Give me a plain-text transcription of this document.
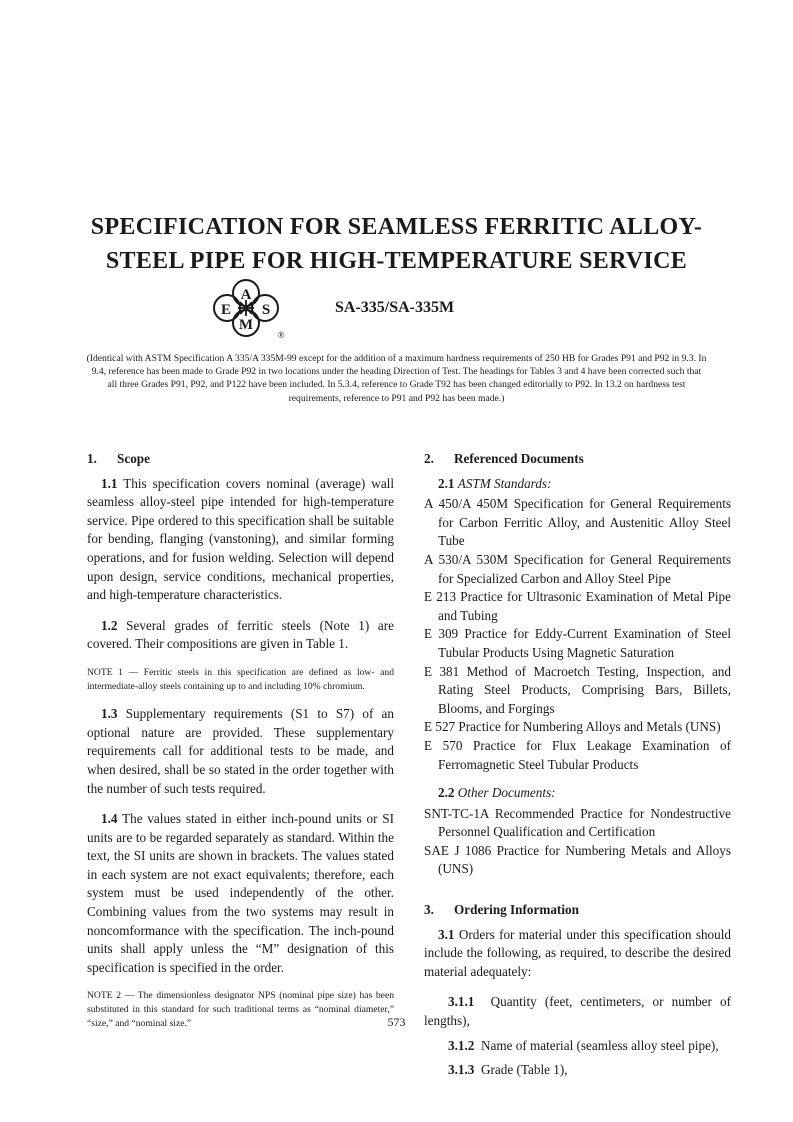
SPECIFICATION FOR SEAMLESS FERRITIC ALLOY-
STEEL PIPE FOR HIGH-TEMPERATURE SERVICE
A
E S
M
®
SA-335/SA-335M
(Identical with ASTM Specification A 335/A 335M-99 except for the addition of a maximum hardness requirements of 250 HB for Grades P91 and P92 in 9.3. In 9.4, reference has been made to Grade P92 in two locations under the heading Direction of Test. The headings for Tables 3 and 4 have been corrected such that all three Grades P91, P92, and P122 have been included. In 5.3.4, reference to Grade T92 has been changed editorially to P92. In 13.2 on hardness test requirements, reference to P91 and P92 has been made.)
1. Scope

1.1 This specification covers nominal (average) wall seamless alloy-steel pipe intended for high-temperature service. Pipe ordered to this specification shall be suitable for bending, flanging (vanstoning), and similar forming operations, and for fusion welding. Selection will depend upon design, service conditions, mechanical properties, and high-temperature characteristics.

1.2 Several grades of ferritic steels (Note 1) are covered. Their compositions are given in Table 1.

NOTE 1 — Ferritic steels in this specification are defined as low- and intermediate-alloy steels containing up to and including 10% chromium.

1.3 Supplementary requirements (S1 to S7) of an optional nature are provided. These supplementary requirements call for additional tests to be made, and when desired, shall be so stated in the order together with the number of such tests required.

1.4 The values stated in either inch-pound units or SI units are to be regarded separately as standard. Within the text, the SI units are shown in brackets. The values stated in each system are not exact equivalents; therefore, each system must be used independently of the other. Combining values from the two systems may result in noncomformance with the specification. The inch-pound units shall apply unless the “M” designation of this specification is specified in the order.

NOTE 2 — The dimensionless designator NPS (nominal pipe size) has been substituted in this standard for such traditional terms as “nominal diameter,” “size,” and “nominal size.”

2. Referenced Documents
2.1 ASTM Standards:

A 450/A 450M Specification for General Requirements for Carbon Ferritic Alloy, and Austenitic Alloy Steel Tube

A 530/A 530M Specification for General Requirements for Specialized Carbon and Alloy Steel Pipe

E 213 Practice for Ultrasonic Examination of Metal Pipe and Tubing

E 309 Practice for Eddy-Current Examination of Steel Tubular Products Using Magnetic Saturation

E 381 Method of Macroetch Testing, Inspection, and Rating Steel Products, Comprising Bars, Billets, Blooms, and Forgings

E 527 Practice for Numbering Alloys and Metals (UNS)

E 570 Practice for Flux Leakage Examination of Ferromagnetic Steel Tubular Products

2.2 Other Documents:

SNT-TC-1A Recommended Practice for Nondestructive Personnel Qualification and Certification

SAE J 1086 Practice for Numbering Metals and Alloys (UNS)

3. Ordering Information

3.1 Orders for material under this specification should include the following, as required, to describe the desired material adequately:

3.1.1 Quantity (feet, centimeters, or number of lengths),

3.1.2 Name of material (seamless alloy steel pipe),

3.1.3 Grade (Table 1),

573
